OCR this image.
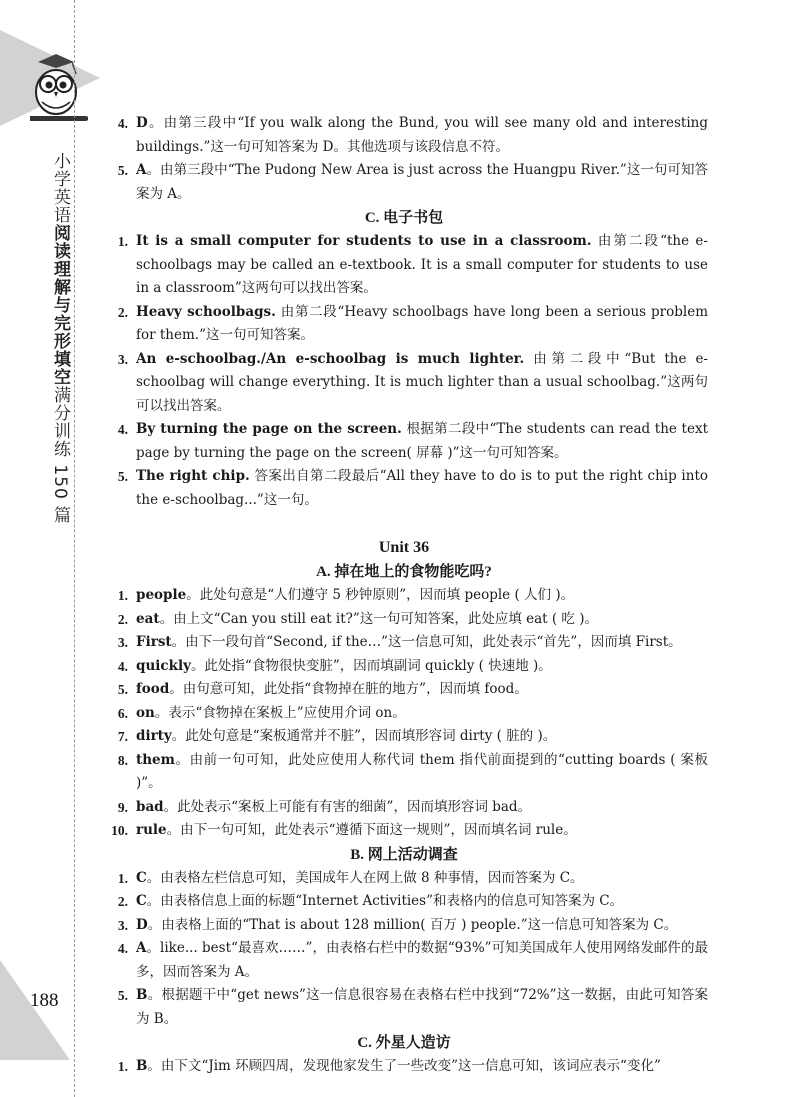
小学英语阅读理解与完形填空满分训练 150 篇
188
4. D。由第三段中“If you walk along the Bund, you will see many old and interesting buildings.”这一句可知答案为 D。其他选项与该段信息不符。
5. A。由第三段中“The Pudong New Area is just across the Huangpu River.”这一句可知答案为 A。
C. 电子书包
1. It is a small computer for students to use in a classroom. 由第二段“the e-schoolbags may be called an e-textbook. It is a small computer for students to use in a classroom”这两句可以找出答案。
2. Heavy schoolbags. 由第二段“Heavy schoolbags have long been a serious problem for them.”这一句可知答案。
3. An e-schoolbag./An e-schoolbag is much lighter. 由第二段中“But the e-schoolbag will change everything. It is much lighter than a usual schoolbag.”这两句可以找出答案。
4. By turning the page on the screen. 根据第二段中“The students can read the text page by turning the page on the screen( 屏幕 )”这一句可知答案。
5. The right chip. 答案出自第二段最后“All they have to do is to put the right chip into the e-schoolbag...”这一句。
Unit 36
A. 掉在地上的食物能吃吗?
1. people。此处句意是“人们遵守 5 秒钟原则”，因而填 people ( 人们 )。
2. eat。由上文“Can you still eat it?”这一句可知答案，此处应填 eat ( 吃 )。
3. First。由下一段句首“Second, if the…”这一信息可知，此处表示“首先”，因而填 First。
4. quickly。此处指“食物很快变脏”，因而填副词 quickly ( 快速地 )。
5. food。由句意可知，此处指“食物掉在脏的地方”，因而填 food。
6. on。表示“食物掉在案板上”应使用介词 on。
7. dirty。此处句意是“案板通常并不脏”，因而填形容词 dirty ( 脏的 )。
8. them。由前一句可知，此处应使用人称代词 them 指代前面提到的“cutting boards ( 案板 )”。
9. bad。此处表示“案板上可能有有害的细菌”，因而填形容词 bad。
10. rule。由下一句可知，此处表示“遵循下面这一规则”，因而填名词 rule。
B. 网上活动调查
1. C。由表格左栏信息可知，美国成年人在网上做 8 种事情，因而答案为 C。
2. C。由表格信息上面的标题“Internet Activities”和表格内的信息可知答案为 C。
3. D。由表格上面的“That is about 128 million( 百万 ) people.”这一信息可知答案为 C。
4. A。like... best“最喜欢……”，由表格右栏中的数据“93%”可知美国成年人使用网络发邮件的最多，因而答案为 A。
5. B。根据题干中“get news”这一信息很容易在表格右栏中找到“72%”这一数据，由此可知答案为 B。
C. 外星人造访
1. B。由下文“Jim 环顾四周，发现他家发生了一些改变”这一信息可知，该词应表示“变化”
